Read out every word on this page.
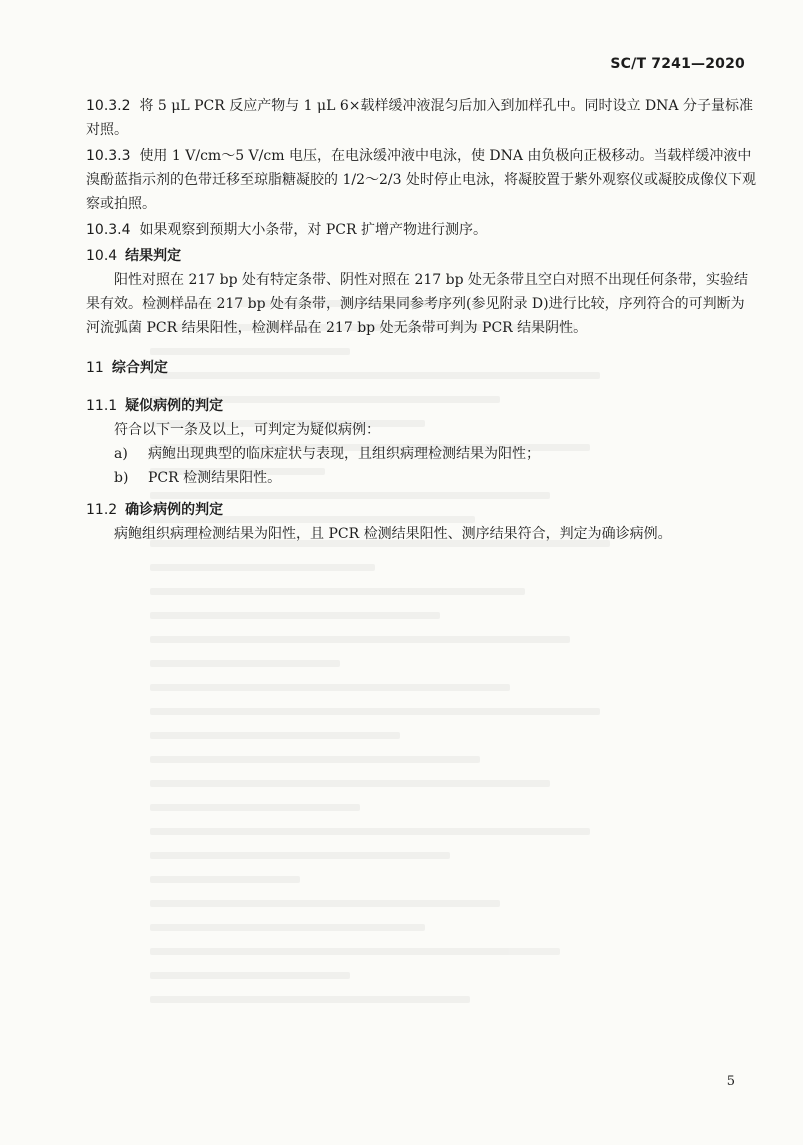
SC/T 7241—2020

10.3.2 将 5 μL PCR 反应产物与 1 μL 6×载样缓冲液混匀后加入到加样孔中。同时设立 DNA 分子量标准对照。

10.3.3 使用 1 V/cm～5 V/cm 电压，在电泳缓冲液中电泳，使 DNA 由负极向正极移动。当载样缓冲液中溴酚蓝指示剂的色带迁移至琼脂糖凝胶的 1/2～2/3 处时停止电泳，将凝胶置于紫外观察仪或凝胶成像仪下观察或拍照。

10.3.4 如果观察到预期大小条带，对 PCR 扩增产物进行测序。

10.4 结果判定

阳性对照在 217 bp 处有特定条带、阴性对照在 217 bp 处无条带且空白对照不出现任何条带，实验结果有效。检测样品在 217 bp 处有条带，测序结果同参考序列(参见附录 D)进行比较，序列符合的可判断为河流弧菌 PCR 结果阳性，检测样品在 217 bp 处无条带可判为 PCR 结果阴性。

11 综合判定
11.1 疑似病例的判定

符合以下一条及以上，可判定为疑似病例：

a) 病鲍出现典型的临床症状与表现，且组织病理检测结果为阳性；

b) PCR 检测结果阳性。

11.2 确诊病例的判定

病鲍组织病理检测结果为阳性，且 PCR 检测结果阳性、测序结果符合，判定为确诊病例。

5
